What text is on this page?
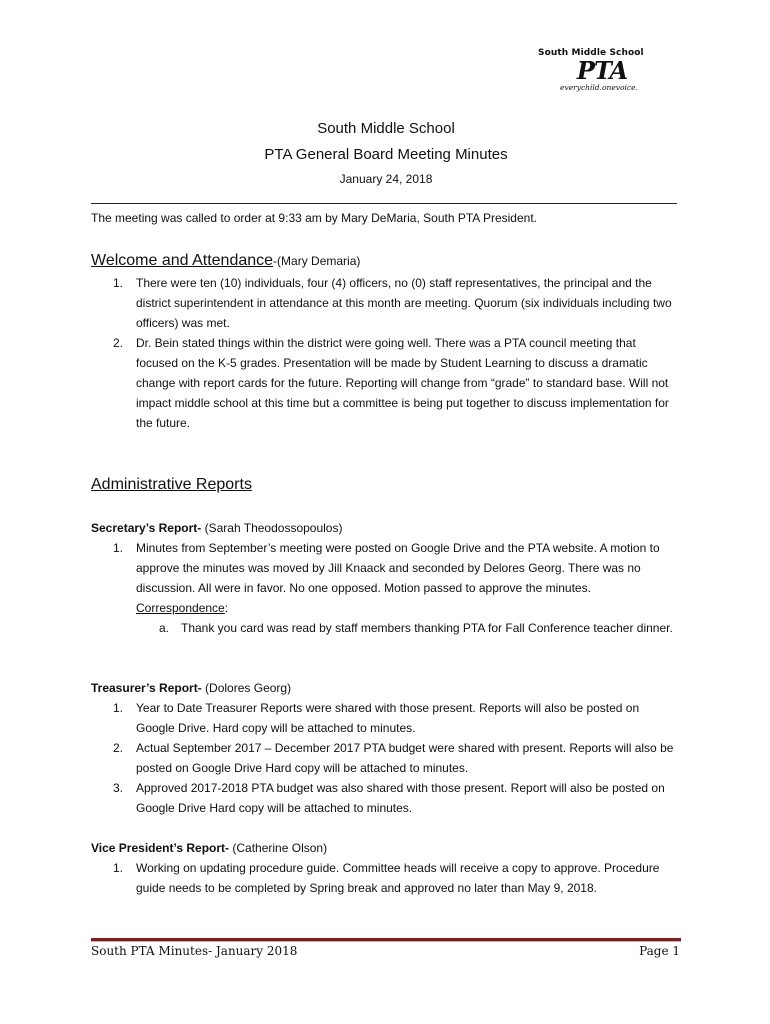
South Middle School
PTA
everychild.onevoice.
South Middle School
PTA General Board Meeting Minutes
January 24, 2018
The meeting was called to order at 9:33 am by Mary DeMaria, South PTA President.
Welcome and Attendance-(Mary Demaria)
1. There were ten (10) individuals, four (4) officers, no (0) staff representatives, the principal and the district superintendent in attendance at this month are meeting. Quorum (six individuals including two officers) was met.
2. Dr. Bein stated things within the district were going well. There was a PTA council meeting that focused on the K-5 grades. Presentation will be made by Student Learning to discuss a dramatic change with report cards for the future. Reporting will change from “grade” to standard base. Will not impact middle school at this time but a committee is being put together to discuss implementation for the future.
Administrative Reports
Secretary’s Report- (Sarah Theodossopoulos)
1. Minutes from September’s meeting were posted on Google Drive and the PTA website. A motion to approve the minutes was moved by Jill Knaack and seconded by Delores Georg. There was no discussion. All were in favor. No one opposed. Motion passed to approve the minutes. Correspondence:
a. Thank you card was read by staff members thanking PTA for Fall Conference teacher dinner.
Treasurer’s Report- (Dolores Georg)
1. Year to Date Treasurer Reports were shared with those present. Reports will also be posted on Google Drive. Hard copy will be attached to minutes.
2. Actual September 2017 – December 2017 PTA budget were shared with present. Reports will also be posted on Google Drive Hard copy will be attached to minutes.
3. Approved 2017-2018 PTA budget was also shared with those present. Report will also be posted on Google Drive Hard copy will be attached to minutes.
Vice President’s Report- (Catherine Olson)
1. Working on updating procedure guide. Committee heads will receive a copy to approve. Procedure guide needs to be completed by Spring break and approved no later than May 9, 2018.
South PTA Minutes- January 2018	Page 1
